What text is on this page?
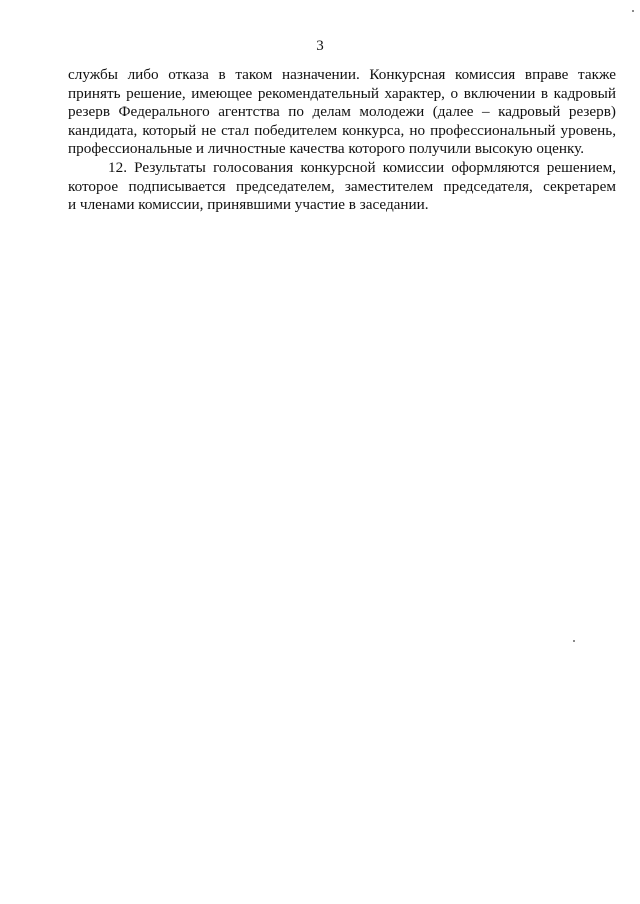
3
службы либо отказа в таком назначении. Конкурсная комиссия вправе также
принять решение, имеющее рекомендательный характер, о включении в кадровый
резерв Федерального агентства по делам молодежи (далее – кадровый резерв)
кандидата, который не стал победителем конкурса, но профессиональный уровень,
профессиональные и личностные качества которого получили высокую оценку.
12. Результаты голосования конкурсной комиссии оформляются решением,
которое подписывается председателем, заместителем председателя, секретарем
и членами комиссии, принявшими участие в заседании.
